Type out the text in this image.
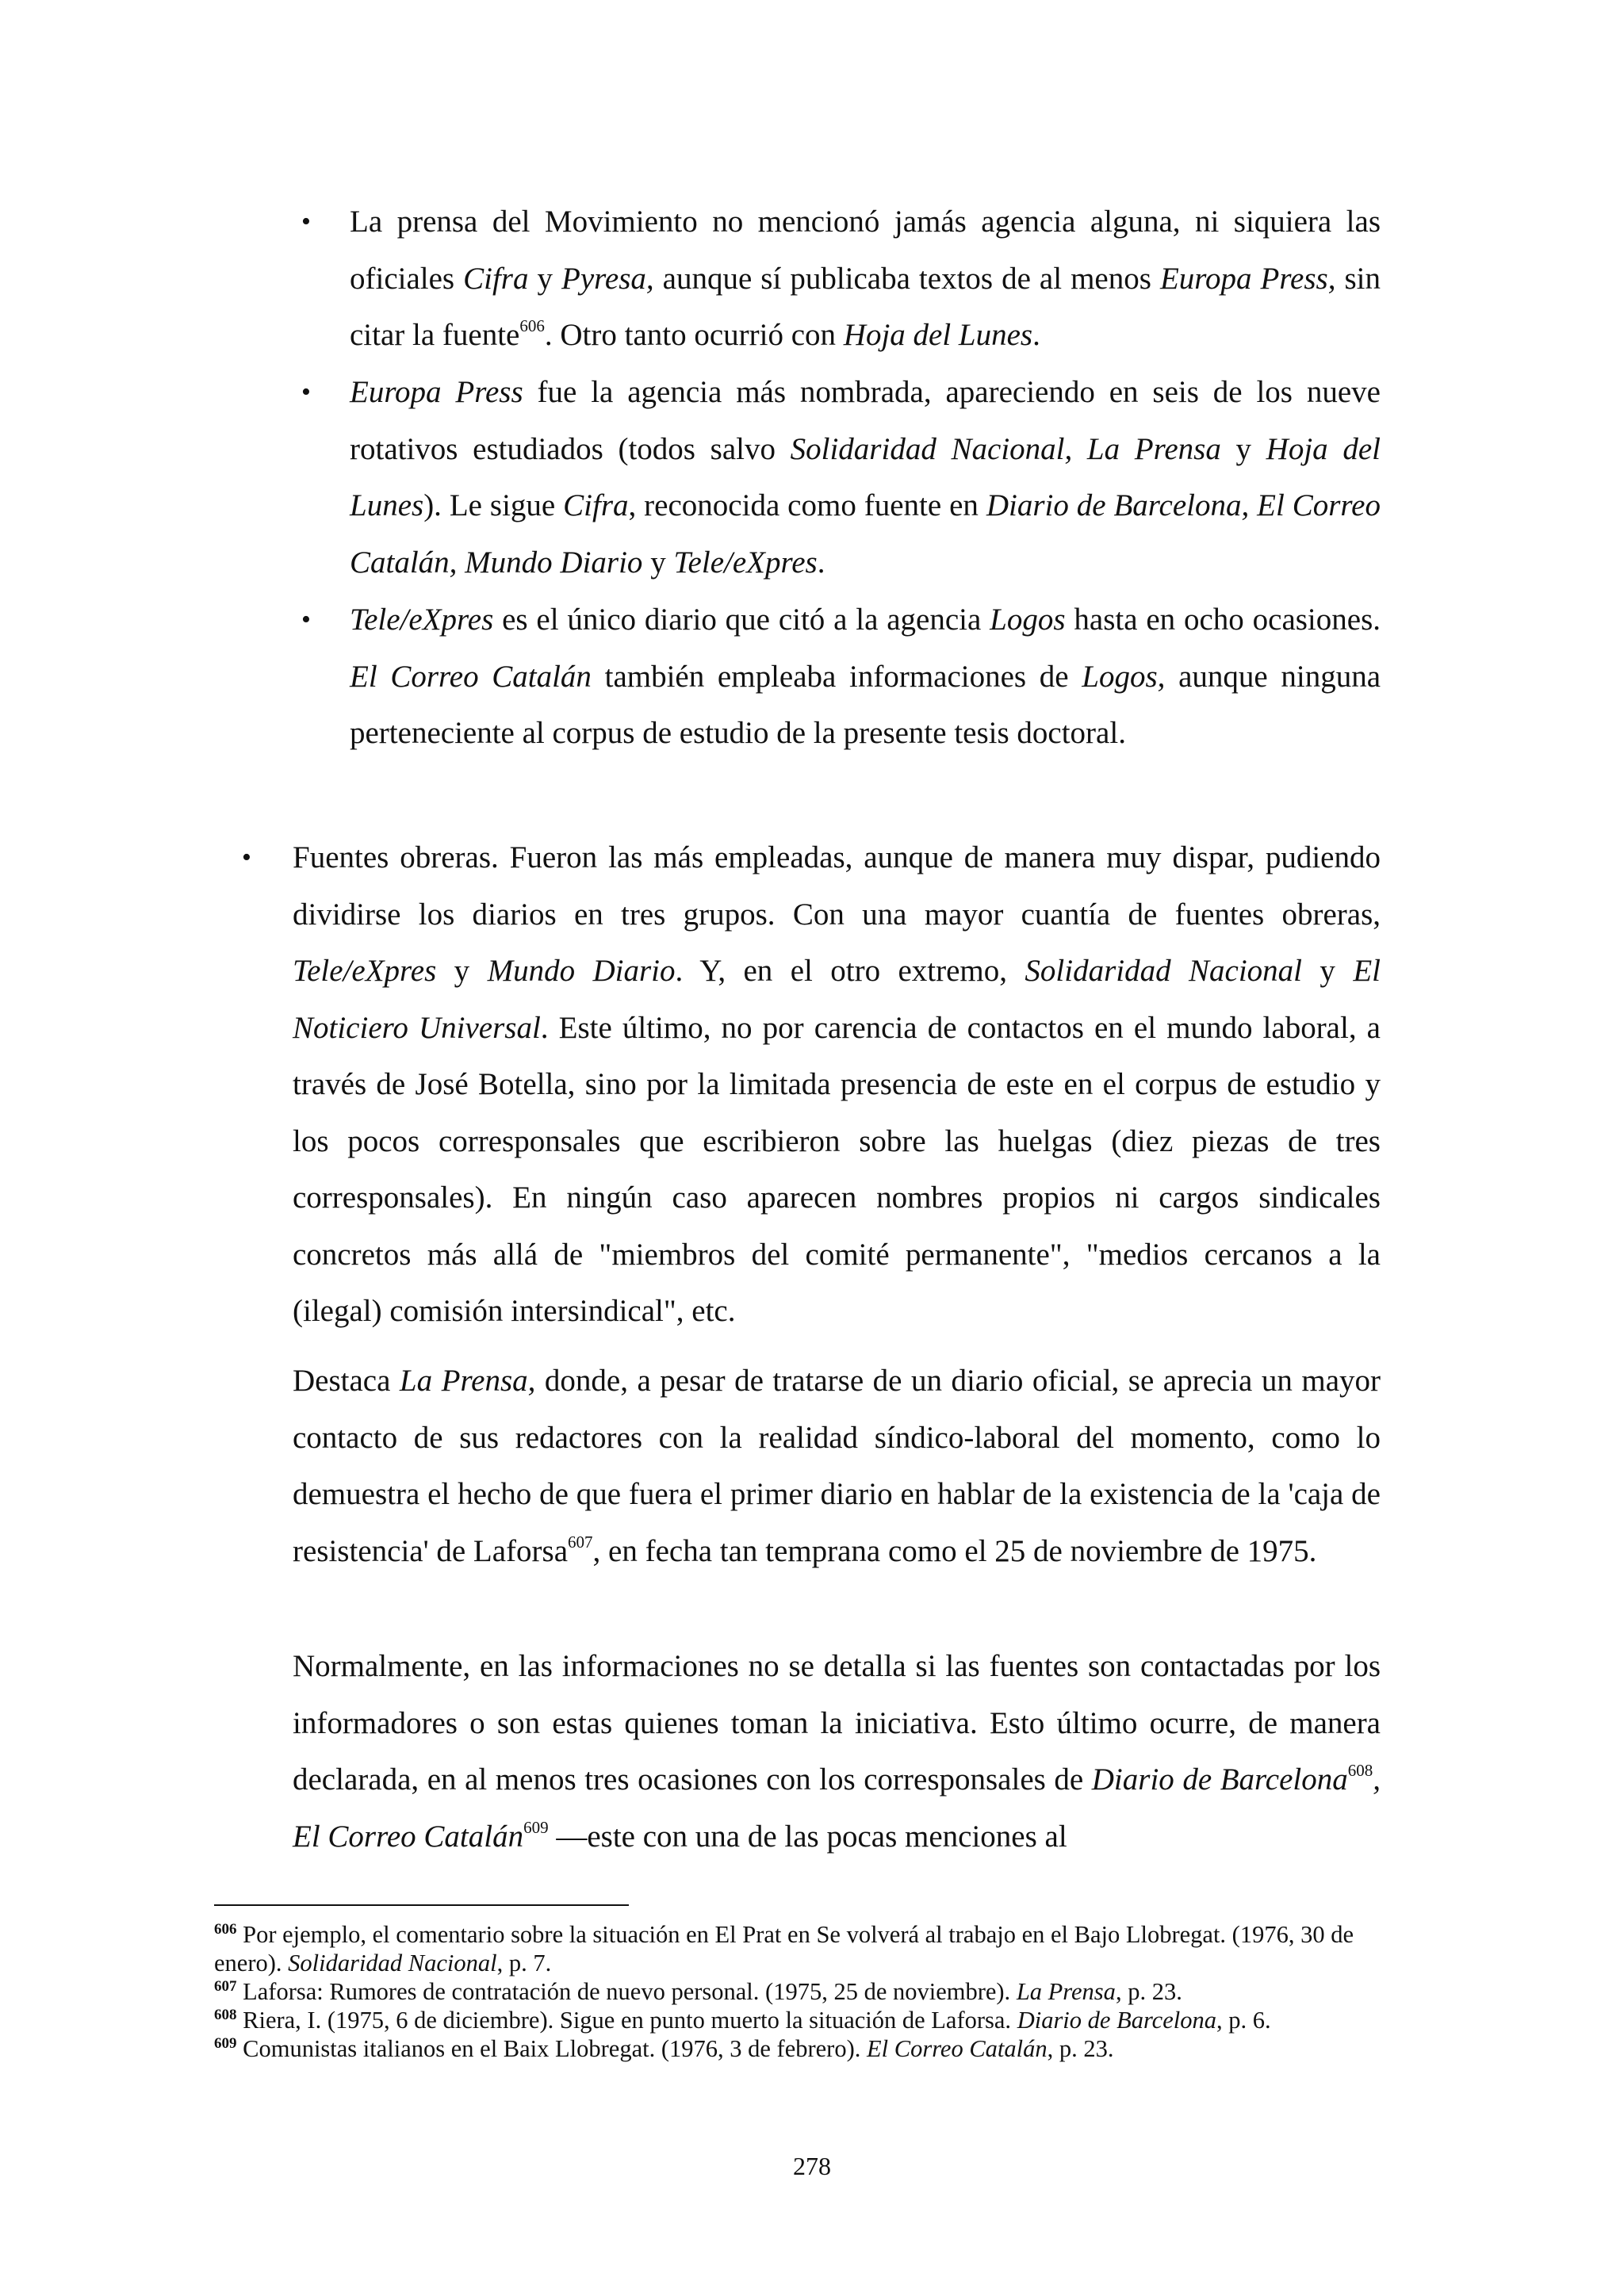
• La prensa del Movimiento no mencionó jamás agencia alguna, ni siquiera las oficiales Cifra y Pyresa, aunque sí publicaba textos de al menos Europa Press, sin citar la fuente$^{606}$. Otro tanto ocurrió con Hoja del Lunes.
• Europa Press fue la agencia más nombrada, apareciendo en seis de los nueve rotativos estudiados (todos salvo Solidaridad Nacional, La Prensa y Hoja del Lunes). Le sigue Cifra, reconocida como fuente en Diario de Barcelona, El Correo Catalán, Mundo Diario y Tele/eXpres.
• Tele/eXpres es el único diario que citó a la agencia Logos hasta en ocho ocasiones. El Correo Catalán también empleaba informaciones de Logos, aunque ninguna perteneciente al corpus de estudio de la presente tesis doctoral.
• Fuentes obreras. Fueron las más empleadas, aunque de manera muy dispar, pudiendo dividirse los diarios en tres grupos. Con una mayor cuantía de fuentes obreras, Tele/eXpres y Mundo Diario. Y, en el otro extremo, Solidaridad Nacional y El Noticiero Universal. Este último, no por carencia de contactos en el mundo laboral, a través de José Botella, sino por la limitada presencia de este en el corpus de estudio y los pocos corresponsales que escribieron sobre las huelgas (diez piezas de tres corresponsales). En ningún caso aparecen nombres propios ni cargos sindicales concretos más allá de "miembros del comité permanente", "medios cercanos a la (ilegal) comisión intersindical", etc.

Destaca La Prensa, donde, a pesar de tratarse de un diario oficial, se aprecia un mayor contacto de sus redactores con la realidad síndico-laboral del momento, como lo demuestra el hecho de que fuera el primer diario en hablar de la existencia de la 'caja de resistencia' de Laforsa$^{607}$, en fecha tan temprana como el 25 de noviembre de 1975.

Normalmente, en las informaciones no se detalla si las fuentes son contactadas por los informadores o son estas quienes toman la iniciativa. Esto último ocurre, de manera declarada, en al menos tres ocasiones con los corresponsales de Diario de Barcelona$^{608}$, El Correo Catalán$^{609}$ —este con una de las pocas menciones al

$^{606}$ Por ejemplo, el comentario sobre la situación en El Prat en Se volverá al trabajo en el Bajo Llobregat. (1976, 30 de enero). Solidaridad Nacional, p. 7.

$^{607}$ Laforsa: Rumores de contratación de nuevo personal. (1975, 25 de noviembre). La Prensa, p. 23.

$^{608}$ Riera, I. (1975, 6 de diciembre). Sigue en punto muerto la situación de Laforsa. Diario de Barcelona, p. 6.

$^{609}$ Comunistas italianos en el Baix Llobregat. (1976, 3 de febrero). El Correo Catalán, p. 23.

278
